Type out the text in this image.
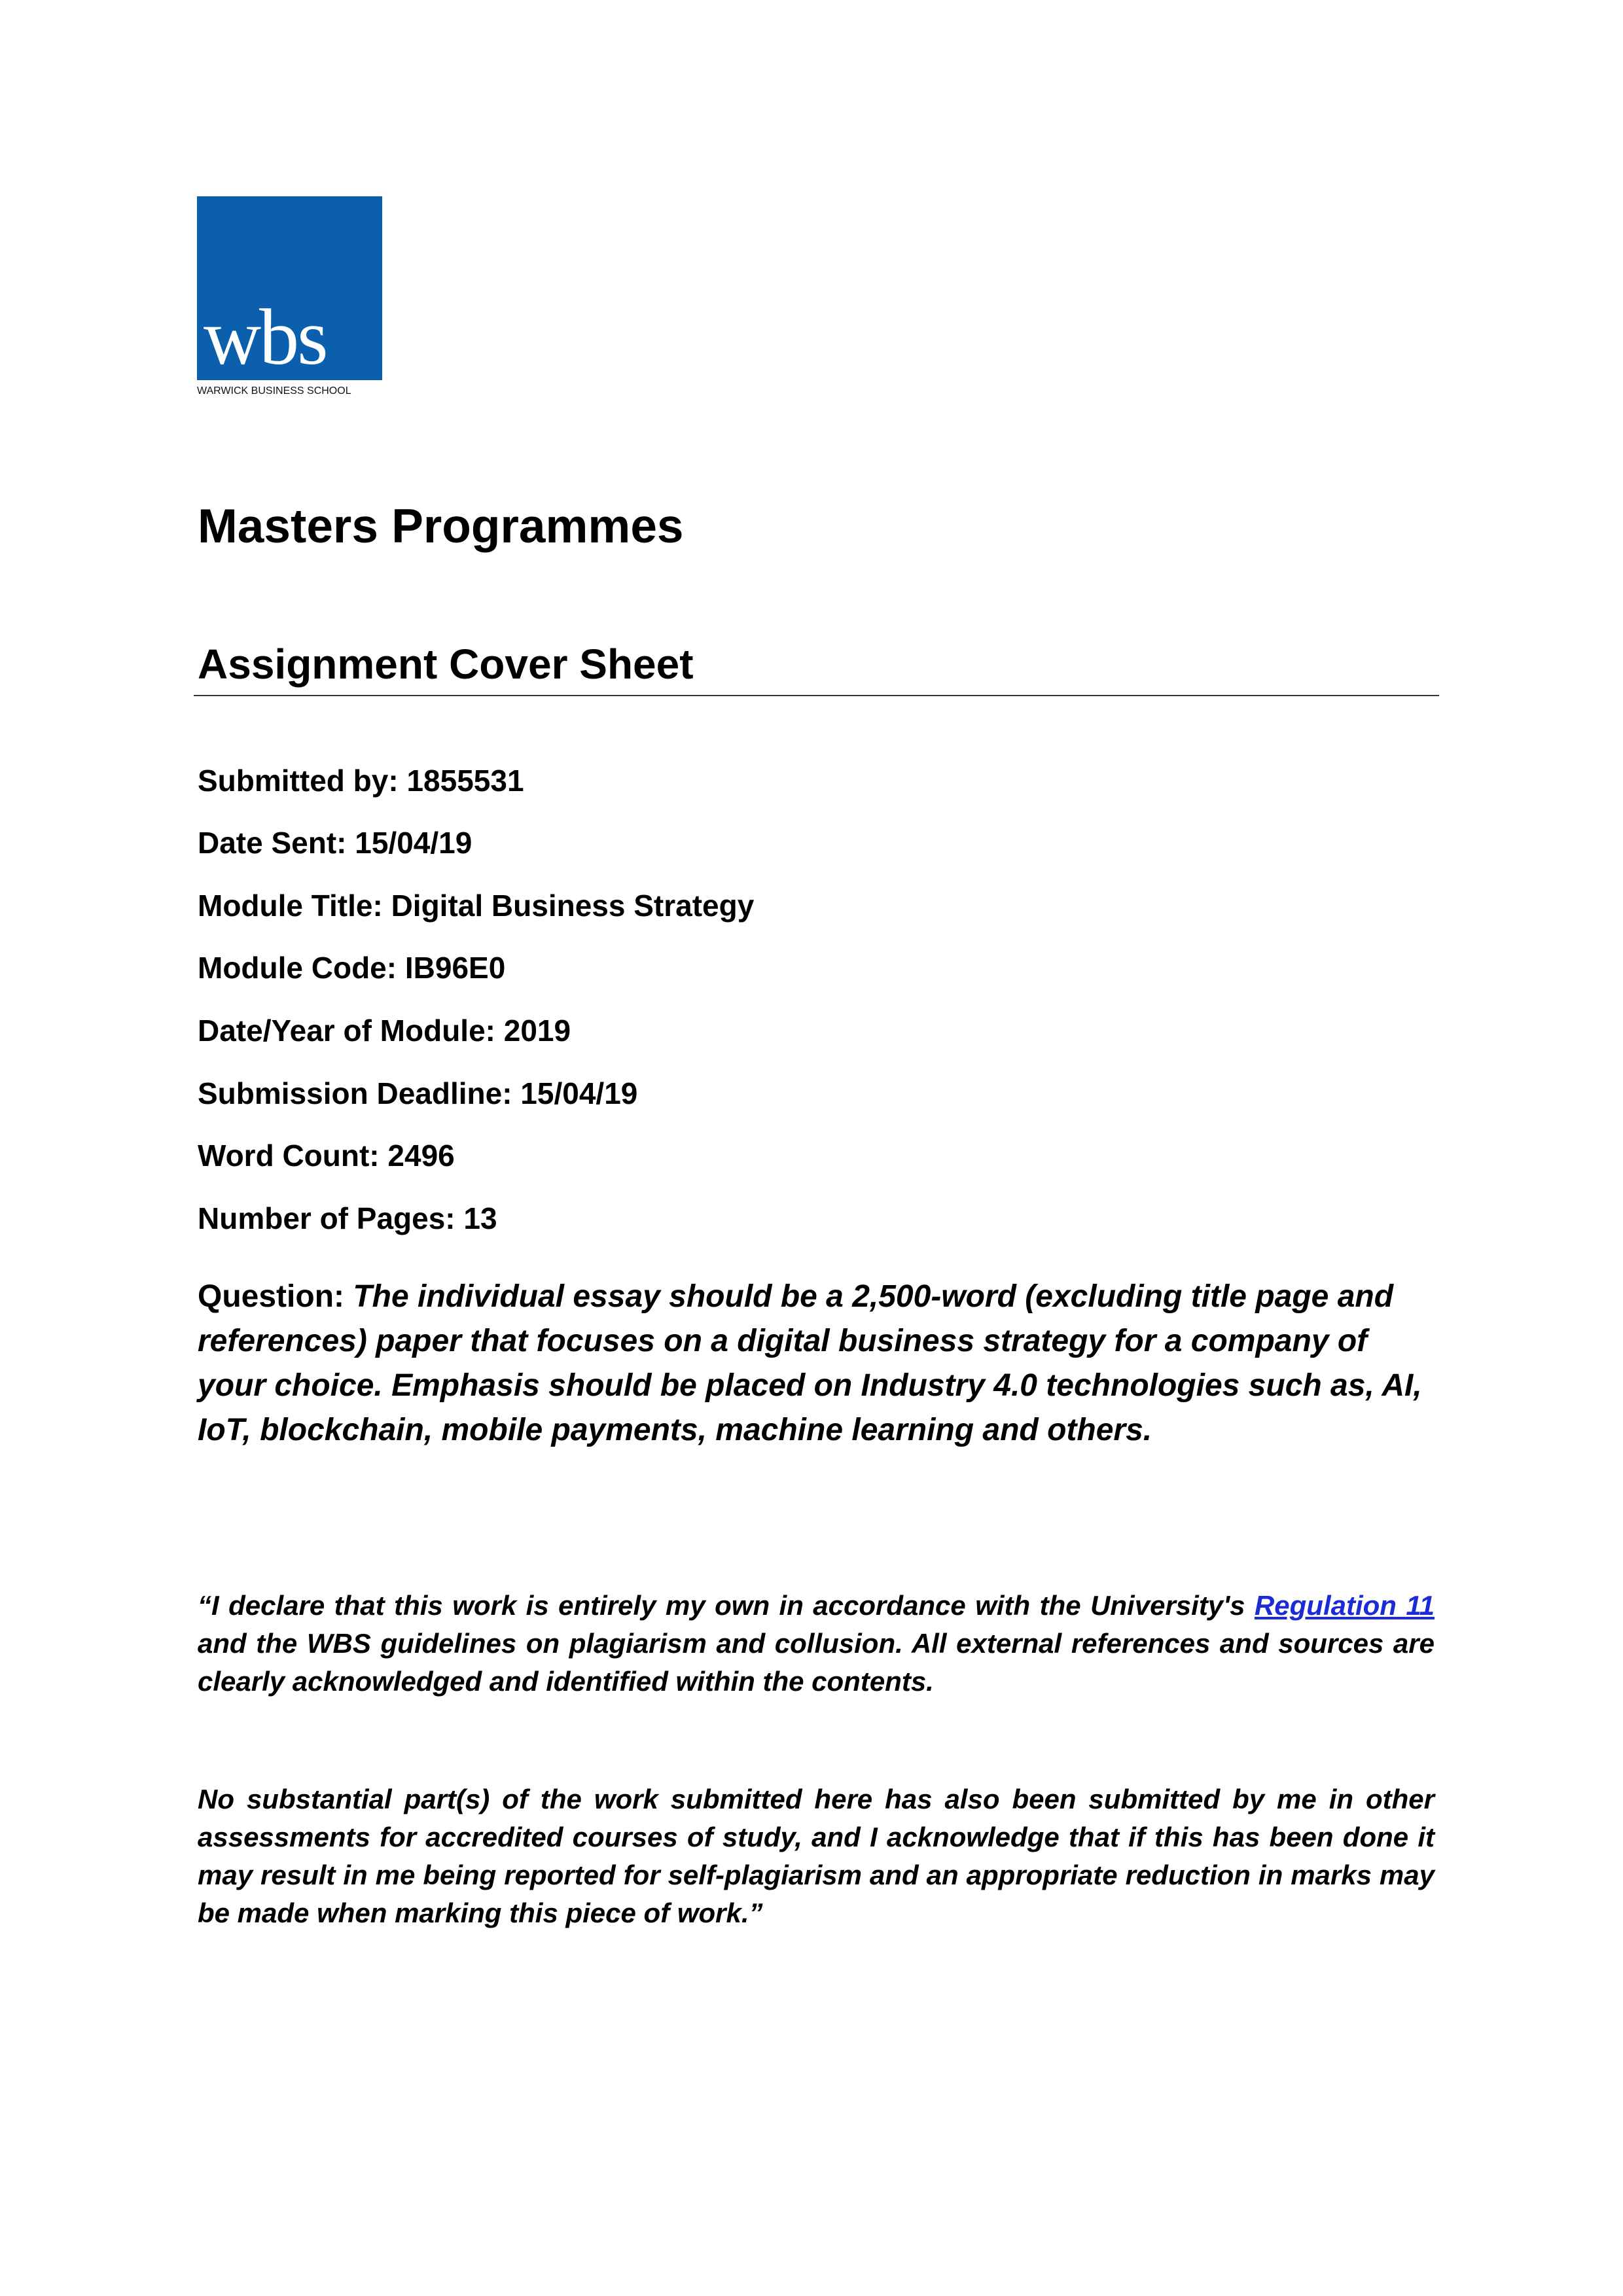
wbs
WARWICK BUSINESS SCHOOL
Masters Programmes
Assignment Cover Sheet

Submitted by: 1855531

Date Sent: 15/04/19

Module Title: Digital Business Strategy

Module Code: IB96E0

Date/Year of Module: 2019

Submission Deadline: 15/04/19

Word Count: 2496

Number of Pages: 13

Question: The individual essay should be a 2,500-word (excluding title page and references) paper that focuses on a digital business strategy for a company of your choice. Emphasis should be placed on Industry 4.0 technologies such as, AI, IoT, blockchain, mobile payments, machine learning and others.

“I declare that this work is entirely my own in accordance with the University's Regulation 11 and the WBS guidelines on plagiarism and collusion. All external references and sources are clearly acknowledged and identified within the contents.

No substantial part(s) of the work submitted here has also been submitted by me in other assessments for accredited courses of study, and I acknowledge that if this has been done it may result in me being reported for self-plagiarism and an appropriate reduction in marks may be made when marking this piece of work.”
